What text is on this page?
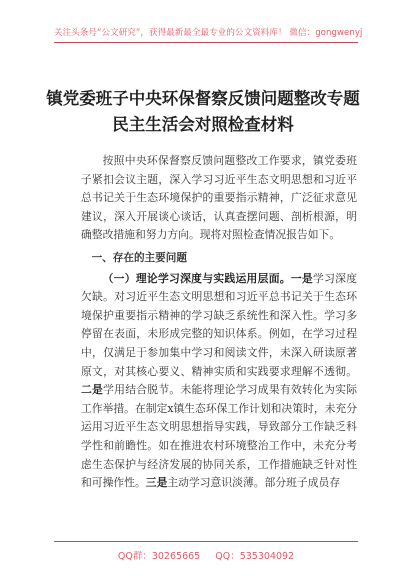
关注头条号“公文研究”，获得最新最全最专业的公文资料库！ 微信：gongwenyj
镇党委班子中央环保督察反馈问题整改专题民主生活会对照检查材料

按照中央环保督察反馈问题整改工作要求，镇党委班子紧扣会议主题，深入学习习近平生态文明思想和习近平总书记关于生态环境保护的重要指示精神，广泛征求意见建议，深入开展谈心谈话，认真查摆问题、剖析根源，明确整改措施和努力方向。现将对照检查情况报告如下。

一、存在的主要问题

（一）理论学习深度与实践运用层面。一是学习深度欠缺。对习近平生态文明思想和习近平总书记关于生态环境保护重要指示精神的学习缺乏系统性和深入性。学习多停留在表面，未形成完整的知识体系。例如，在学习过程中，仅满足于参加集中学习和阅读文件，未深入研读原著原文，对其核心要义、精神实质和实践要求理解不透彻。二是学用结合脱节。未能将理论学习成果有效转化为实际工作举措。在制定x镇生态环保工作计划和决策时，未充分运用习近平生态文明思想指导实践，导致部分工作缺乏科学性和前瞻性。如在推进农村环境整治工作中，未充分考虑生态保护与经济发展的协同关系，工作措施缺乏针对性和可操作性。三是主动学习意识淡薄。部分班子成员存

QQ群：30265665 QQ：535304092
